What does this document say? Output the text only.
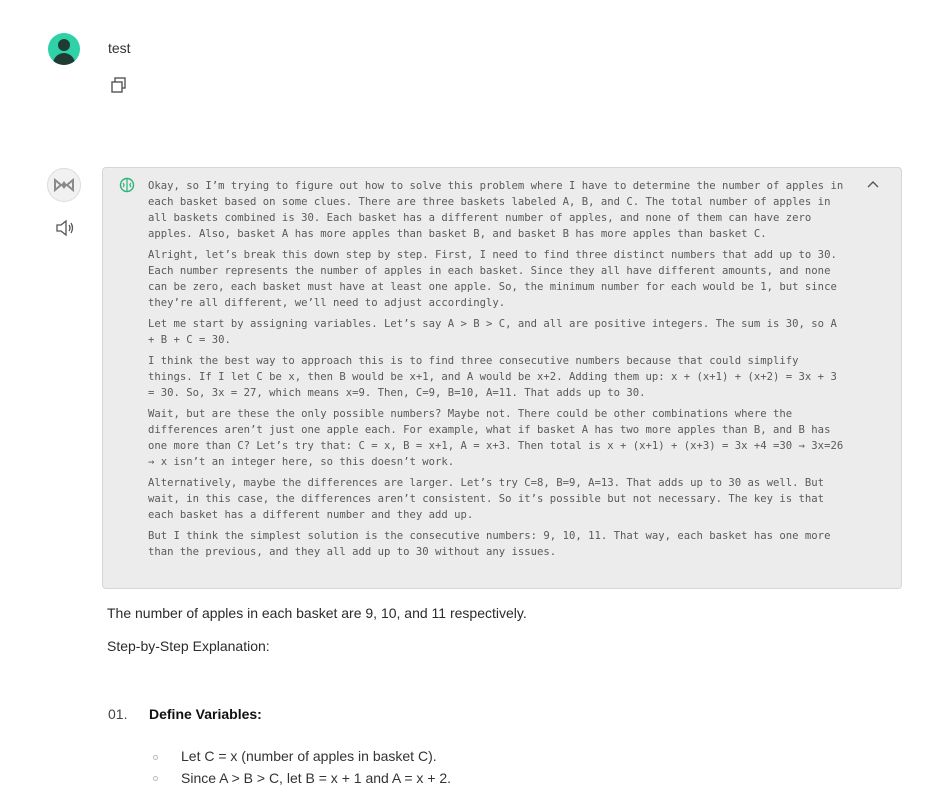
test

Okay, so I’m trying to figure out how to solve this problem where I have to determine the number of apples in each basket based on some clues. There are three baskets labeled A, B, and C. The total number of apples in all baskets combined is 30. Each basket has a different number of apples, and none of them can have zero apples. Also, basket A has more apples than basket B, and basket B has more apples than basket C.

Alright, let’s break this down step by step. First, I need to find three distinct numbers that add up to 30. Each number represents the number of apples in each basket. Since they all have different amounts, and none can be zero, each basket must have at least one apple. So, the minimum number for each would be 1, but since they’re all different, we’ll need to adjust accordingly.

Let me start by assigning variables. Let’s say A > B > C, and all are positive integers. The sum is 30, so A + B + C = 30.

I think the best way to approach this is to find three consecutive numbers because that could simplify things. If I let C be x, then B would be x+1, and A would be x+2. Adding them up: x + (x+1) + (x+2) = 3x + 3 = 30. So, 3x = 27, which means x=9. Then, C=9, B=10, A=11. That adds up to 30.

Wait, but are these the only possible numbers? Maybe not. There could be other combinations where the differences aren’t just one apple each. For example, what if basket A has two more apples than B, and B has one more than C? Let’s try that: C = x, B = x+1, A = x+3. Then total is x + (x+1) + (x+3) = 3x +4 =30 → 3x=26 → x isn’t an integer here, so this doesn’t work.

Alternatively, maybe the differences are larger. Let’s try C=8, B=9, A=13. That adds up to 30 as well. But wait, in this case, the differences aren’t consistent. So it’s possible but not necessary. The key is that each basket has a different number and they add up.

But I think the simplest solution is the consecutive numbers: 9, 10, 11. That way, each basket has one more than the previous, and they all add up to 30 without any issues.

The number of apples in each basket are 9, 10, and 11 respectively.
Step-by-Step Explanation:
01. Define Variables:
Let C = x (number of apples in basket C).
Since A > B > C, let B = x + 1 and A = x + 2.
